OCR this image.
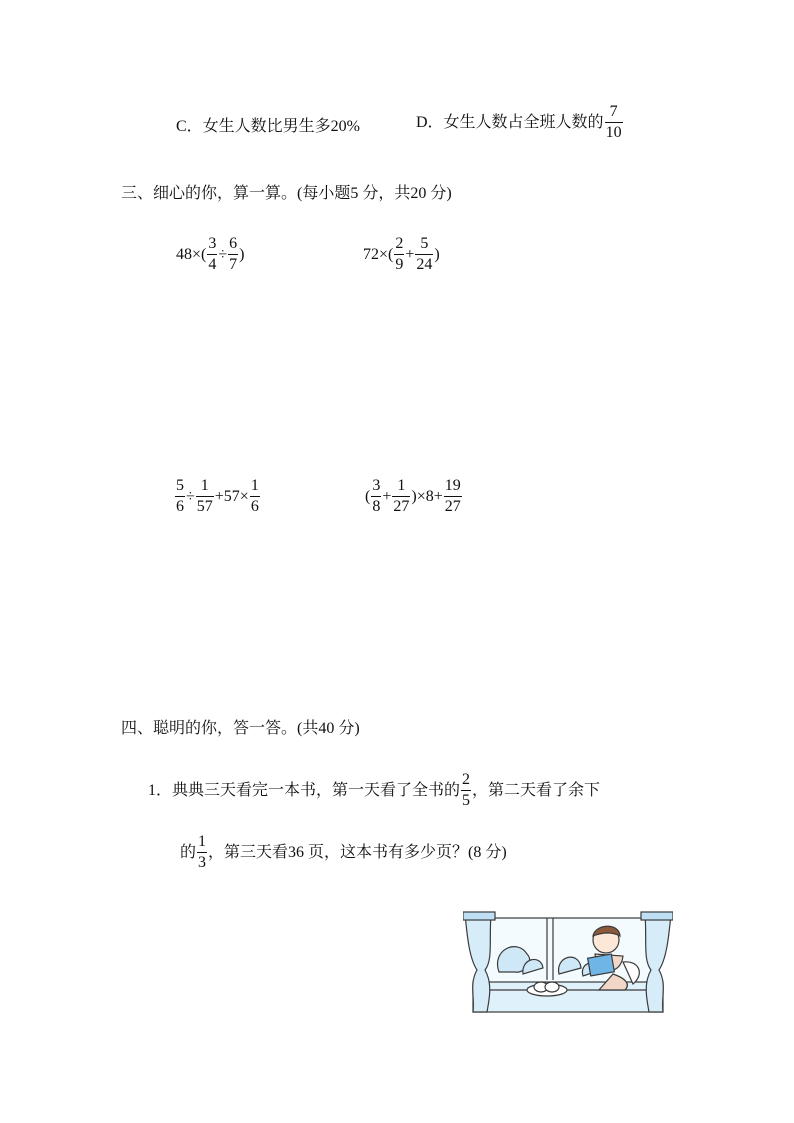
C．女生人数比男生多20%	D．女生人数占全班人数的 $\frac{7}{10}$
三、细心的你，算一算。(每小题5 分，共20 分)
$48\times( \frac{3}{4} \div \frac{6}{7}$ )	$72\times( \frac{2}{9} + \frac{5}{24}$ )
$\frac{5}{6} \div \frac{1}{57} +57\times \frac{1}{6}$	( $\frac{3}{8} + \frac{1}{27} )\times 8+ \frac{19}{27}$
四、聪明的你，答一答。(共40 分)
1．典典三天看完一本书，第一天看了全书的 $\frac{2}{5}$ ，第二天看了余下
的 $\frac{1}{3}$ ，第三天看36 页，这本书有多少页？(8 分)
